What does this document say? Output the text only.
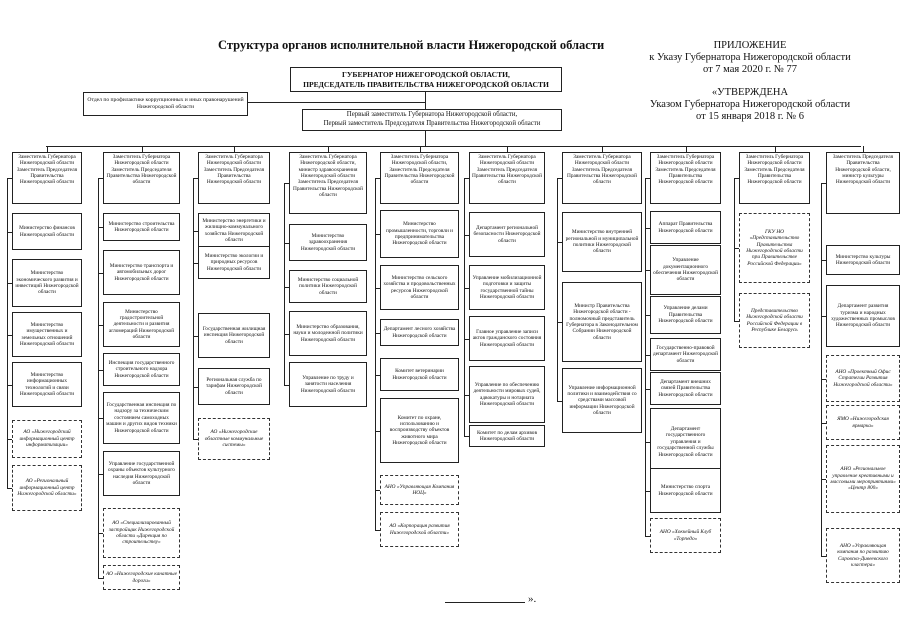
Структура органов исполнительной власти Нижегородской области	ПРИЛОЖЕНИЕ
к Указу Губернатора Нижегородской области
от 7 мая 2020 г. № 77
«УТВЕРЖДЕНА
Указом Губернатора Нижегородской области
от 15 января 2018 г. № 6
ГУБЕРНАТОР НИЖЕГОРОДСКОЙ ОБЛАСТИ,
ПРЕДСЕДАТЕЛЬ ПРАВИТЕЛЬСТВА НИЖЕГОРОДСКОЙ ОБЛАСТИ
Отдел по профилактике коррупционных и иных правонарушений Нижегородской области
Первый заместитель Губернатора Нижегородской области,
Первый заместитель Председателя Правительства Нижегородской области
Заместитель Губернатора Нижегородской области Заместитель Председателя Правительства Нижегородской области
Министерство финансов Нижегородской области
Министерство экономического развития и инвестиций Нижегородской области
Министерство имущественных и земельных отношений Нижегородской области
Министерство информационных технологий и связи Нижегородской области
АО «Нижегородский информационный центр информатизации»
АО «Региональный информационный центр Нижегородской области»
Заместитель Губернатора Нижегородской области Заместитель Председателя Правительства Нижегородской области
Министерство строительства Нижегородской области
Министерство транспорта и автомобильных дорог Нижегородской области
Министерство градостроительной деятельности и развития агломераций Нижегородской области
Инспекция государственного строительного надзора Нижегородской области
Государственная инспекция по надзору за техническим состоянием самоходных машин и других видов техники Нижегородской области
Управление государственной охраны объектов культурного наследия Нижегородской области
АО «Специализированный застройщик Нижегородской области «Дирекция по строительству»
АО «Нижегородские канатные дороги»
Заместитель Губернатора Нижегородской области Заместитель Председателя Правительства Нижегородской области
Министерство энергетики и жилищно-коммунального хозяйства Нижегородской области
Министерство экологии и природных ресурсов Нижегородской области
Государственная жилищная инспекция Нижегородской области
Региональная служба по тарифам Нижегородской области
АО «Нижегородские областные коммунальные системы»
Заместитель Губернатора Нижегородской области, министр здравоохранения Нижегородской области Заместитель Председателя Правительства Нижегородской области
Министерство здравоохранения Нижегородской области
Министерство социальной политики Нижегородской области
Министерство образования, науки и молодежной политики Нижегородской области
Управление по труду и занятости населения Нижегородской области
Заместитель Губернатора Нижегородской области, Заместитель Председателя Правительства Нижегородской области
Министерство промышленности, торговли и предпринимательства Нижегородской области
Министерство сельского хозяйства и продовольственных ресурсов Нижегородской области
Департамент лесного хозяйства Нижегородской области
Комитет ветеринарии Нижегородской области
Комитет по охране, использованию и воспроизводству объектов животного мира Нижегородской области
АНО «Управляющая Компания НОЦ»
АО «Корпорация развития Нижегородской области»
Заместитель Губернатора Нижегородской области Заместитель Председателя Правительства Нижегородской области
Департамент региональной безопасности Нижегородской области
Управление мобилизационной подготовки и защиты государственной тайны Нижегородской области
Главное управление записи актов гражданского состояния Нижегородской области
Управление по обеспечению деятельности мировых судей, адвокатуры и нотариата Нижегородской области
Комитет по делам архивов Нижегородской области
Заместитель Губернатора Нижегородской области Заместитель Председателя Правительства Нижегородской области
Министерство внутренней региональной и муниципальной политики Нижегородской области
Министр Правительства Нижегородской области - полномочный представитель Губернатора в Законодательном Собрании Нижегородской области
Управление информационной политики и взаимодействия со средствами массовой информации Нижегородской области
Заместитель Губернатора Нижегородской области Заместитель Председателя Правительства Нижегородской области
Аппарат Правительства Нижегородской области
Управление документационного обеспечения Нижегородской области
Управление делами Правительства Нижегородской области
Государственно-правовой департамент Нижегородской области
Департамент внешних связей Правительства Нижегородской области
Департамент государственного управления и государственной службы Нижегородской области
Министерство спорта Нижегородской области
АНО «Хоккейный Клуб «Торпедо»
Заместитель Губернатора Нижегородской области Заместитель Председателя Правительства Нижегородской области
ГКУ НО «Представительство Правительства Нижегородской области при Правительстве Российской Федерации»
Представительство Нижегородской области Российской Федерации в Республике Беларусь
Заместитель Председателя Правительства Нижегородской области, министр культуры Нижегородской области
Министерство культуры Нижегородской области
Департамент развития туризма и народных художественных промыслов Нижегородской области
АНО «Проектный Офис Стратегии Развития Нижегородской области»
ЯМО «Нижегородская ярмарка»
АНО «Региональное управление креативными и массовыми мероприятиями» «Центр 800»
АНО «Управляющая компания по развитию Саровско-Дивеевского кластера»
».
